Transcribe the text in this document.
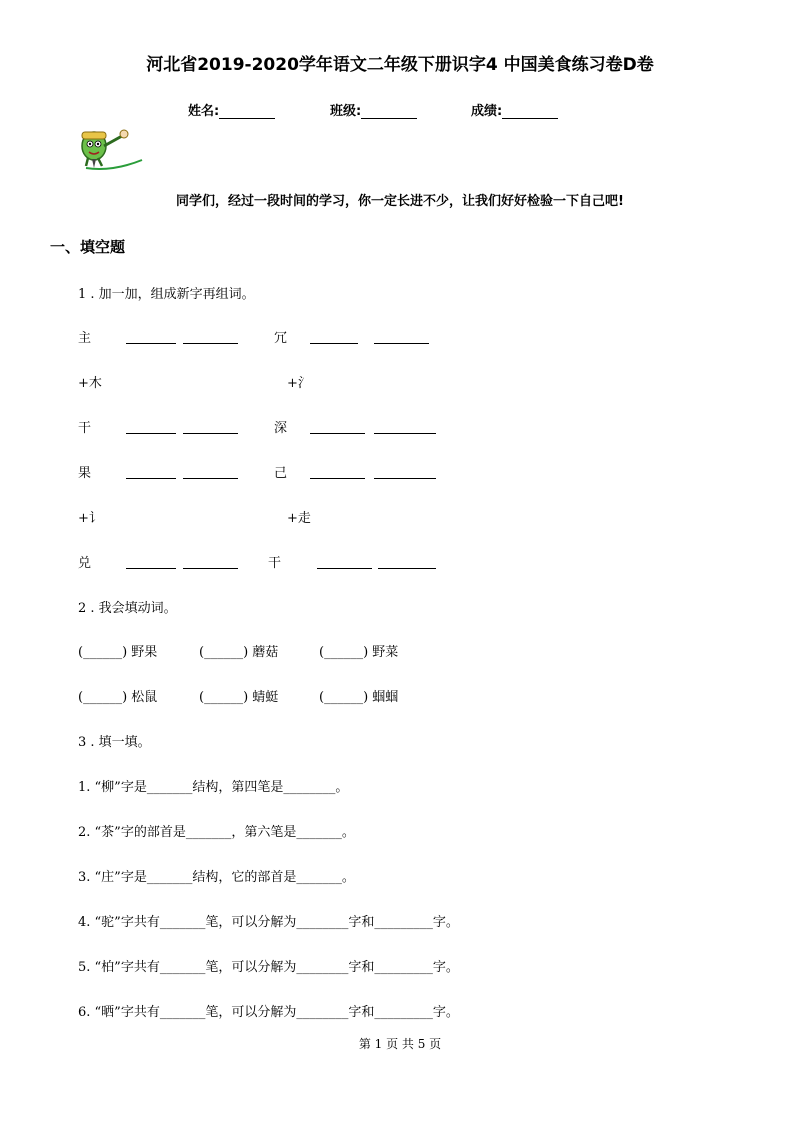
河北省2019-2020学年语文二年级下册识字4 中国美食练习卷D卷
姓名:	班级:	成绩:
同学们，经过一段时间的学习，你一定长进不少，让我们好好检验一下自己吧!
一、填空题
1 . 加一加，组成新字再组词。
主	冗
+木	+氵
干	深
果	己
+讠	+走
兑	干
2 . 我会填动词。
(______) 野果	(______) 蘑菇	(______) 野菜
(______) 松鼠	(______) 蜻蜓	(______) 蝈蝈
3 . 填一填。
1. “柳”字是_______结构，第四笔是________。
2. “茶”字的部首是_______，第六笔是_______。
3. “庄”字是_______结构，它的部首是_______。
4. “驼”字共有_______笔，可以分解为________字和_________字。
5. “柏”字共有_______笔，可以分解为________字和_________字。
6. “晒”字共有_______笔，可以分解为________字和_________字。
第 1 页 共 5 页
